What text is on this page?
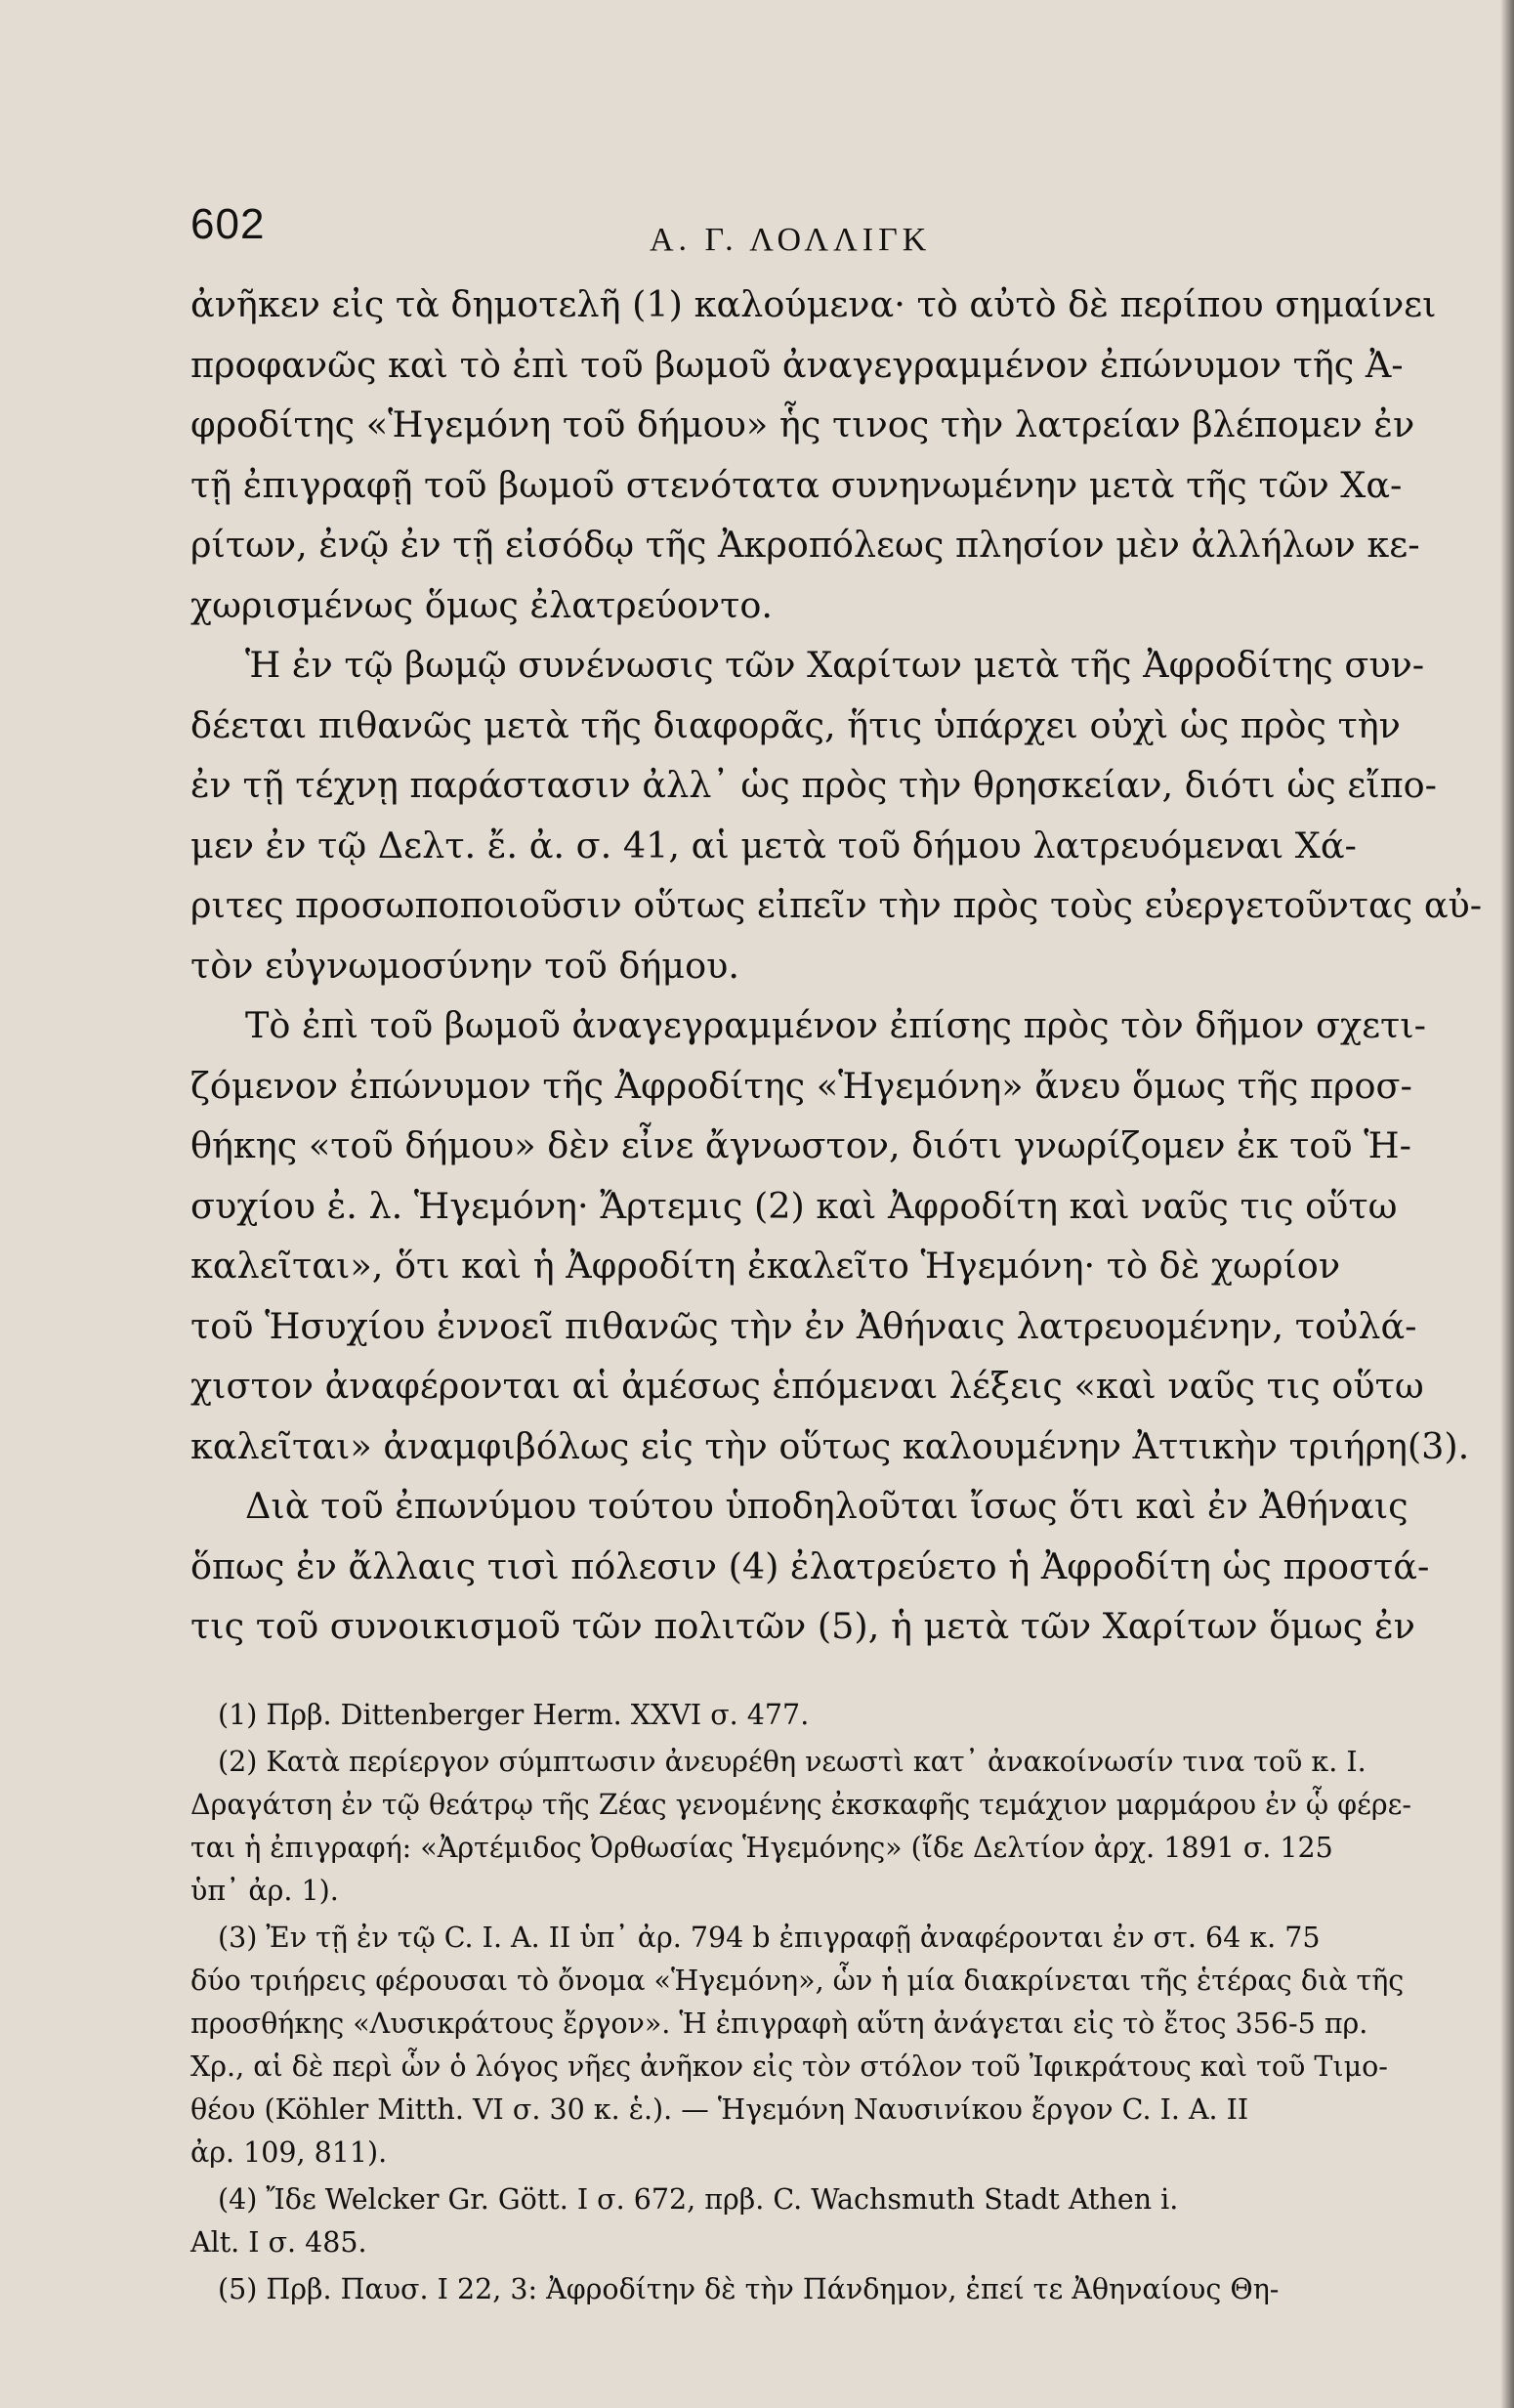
602	Α. Γ. ΛΟΛΛΙΓΚ

ἀνῆκεν εἰς τὰ δημοτελῆ (1) καλούμενα· τὸ αὐτὸ δὲ περίπου σημαίνει
προφανῶς καὶ τὸ ἐπὶ τοῦ βωμοῦ ἀναγεγραμμένον ἐπώνυμον τῆς Ἀ-
φροδίτης «Ἡγεμόνη τοῦ δήμου» ἧς τινος τὴν λατρείαν βλέπομεν ἐν
τῇ ἐπιγραφῇ τοῦ βωμοῦ στενότατα συνηνωμένην μετὰ τῆς τῶν Χα-
ρίτων, ἐνῷ ἐν τῇ εἰσόδῳ τῆς Ἀκροπόλεως πλησίον μὲν ἀλλήλων κε-
χωρισμένως ὅμως ἐλατρεύοντο.

Ἡ ἐν τῷ βωμῷ συνένωσις τῶν Χαρίτων μετὰ τῆς Ἀφροδίτης συν-
δέεται πιθανῶς μετὰ τῆς διαφορᾶς, ἥτις ὑπάρχει οὐχὶ ὡς πρὸς τὴν
ἐν τῇ τέχνῃ παράστασιν ἀλλ᾽ ὡς πρὸς τὴν θρησκείαν, διότι ὡς εἴπο-
μεν ἐν τῷ Δελτ. ἔ. ἀ. σ. 41, αἱ μετὰ τοῦ δήμου λατρευόμεναι Χά-
ριτες προσωποποιοῦσιν οὕτως εἰπεῖν τὴν πρὸς τοὺς εὐεργετοῦντας αὐ-
τὸν εὐγνωμοσύνην τοῦ δήμου.

Τὸ ἐπὶ τοῦ βωμοῦ ἀναγεγραμμένον ἐπίσης πρὸς τὸν δῆμον σχετι-
ζόμενον ἐπώνυμον τῆς Ἀφροδίτης «Ἡγεμόνη» ἄνευ ὅμως τῆς προσ-
θήκης «τοῦ δήμου» δὲν εἶνε ἄγνωστον, διότι γνωρίζομεν ἐκ τοῦ Ἡ-
συχίου ἐ. λ. Ἡγεμόνη· Ἄρτεμις (2) καὶ Ἀφροδίτη καὶ ναῦς τις οὕτω
καλεῖται», ὅτι καὶ ἡ Ἀφροδίτη ἐκαλεῖτο Ἡγεμόνη· τὸ δὲ χωρίον
τοῦ Ἡσυχίου ἐννοεῖ πιθανῶς τὴν ἐν Ἀθήναις λατρευομένην, τοὐλά-
χιστον ἀναφέρονται αἱ ἀμέσως ἑπόμεναι λέξεις «καὶ ναῦς τις οὕτω
καλεῖται» ἀναμφιβόλως εἰς τὴν οὕτως καλουμένην Ἀττικὴν τριήρη(3).

Διὰ τοῦ ἐπωνύμου τούτου ὑποδηλοῦται ἴσως ὅτι καὶ ἐν Ἀθήναις
ὅπως ἐν ἄλλαις τισὶ πόλεσιν (4) ἐλατρεύετο ἡ Ἀφροδίτη ὡς προστά-
τις τοῦ συνοικισμοῦ τῶν πολιτῶν (5), ἡ μετὰ τῶν Χαρίτων ὅμως ἐν

(1) Πρβ. Dittenberger Herm. XXVI σ. 477.
(2) Κατὰ περίεργον σύμπτωσιν ἀνευρέθη νεωστὶ κατ᾽ ἀνακοίνωσίν τινα τοῦ κ. Ι.
Δραγάτση ἐν τῷ θεάτρῳ τῆς Ζέας γενομένης ἐκσκαφῆς τεμάχιον μαρμάρου ἐν ᾧ φέρε-
ται ἡ ἐπιγραφή: «Ἀρτέμιδος Ὀρθωσίας Ἡγεμόνης» (ἴδε Δελτίον ἀρχ. 1891 σ. 125
ὑπ᾽ ἀρ. 1).
(3) Ἐν τῇ ἐν τῷ C. I. A. II ὑπ᾽ ἀρ. 794 b ἐπιγραφῇ ἀναφέρονται ἐν στ. 64 κ. 75
δύο τριήρεις φέρουσαι τὸ ὄνομα «Ἡγεμόνη», ὧν ἡ μία διακρίνεται τῆς ἑτέρας διὰ τῆς
προσθήκης «Λυσικράτους ἔργον». Ἡ ἐπιγραφὴ αὕτη ἀνάγεται εἰς τὸ ἔτος 356-5 πρ.
Χρ., αἱ δὲ περὶ ὧν ὁ λόγος νῆες ἀνῆκον εἰς τὸν στόλον τοῦ Ἰφικράτους καὶ τοῦ Τιμο-
θέου (Köhler Mitth. VI σ. 30 κ. ἑ.). — Ἡγεμόνη Ναυσινίκου ἔργον C. I. A. II
ἀρ. 109, 811).
(4) Ἴδε Welcker Gr. Gött. I σ. 672, πρβ. C. Wachsmuth Stadt Athen i.
Alt. I σ. 485.
(5) Πρβ. Παυσ. I 22, 3: Ἀφροδίτην δὲ τὴν Πάνδημον, ἐπεί τε Ἀθηναίους Θη-
